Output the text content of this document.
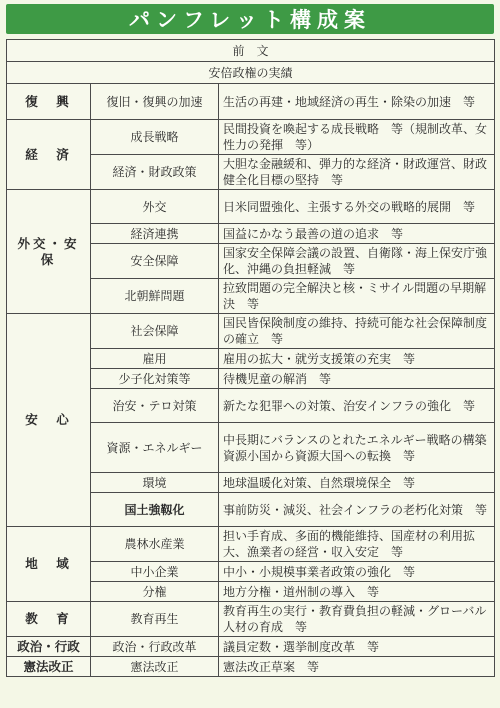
パンフレット構成案
前　文		
安倍政権の実績		
復　興	復旧・復興の加速	生活の再建・地域経済の再生・除染の加速　等
経　済	成長戦略	民間投資を喚起する成長戦略　等（規制改革、女性力の発揮　等）
	経済・財政政策	大胆な金融緩和、弾力的な経済・財政運営、財政健全化目標の堅持　等
外交・安保	外交	日米同盟強化、主張する外交の戦略的展開　等
	経済連携	国益にかなう最善の道の追求　等
	安全保障	国家安全保障会議の設置、自衛隊・海上保安庁強化、沖縄の負担軽減　等
	北朝鮮問題	拉致問題の完全解決と核・ミサイル問題の早期解決　等
安　心	社会保障	国民皆保険制度の維持、持続可能な社会保障制度の確立　等
	雇用	雇用の拡大・就労支援策の充実　等
	少子化対策等	待機児童の解消　等
	治安・テロ対策	新たな犯罪への対策、治安インフラの強化　等
	資源・エネルギー	中長期にバランスのとれたエネルギー戦略の構築　資源小国から資源大国への転換　等
	環境	地球温暖化対策、自然環境保全　等
	国土強靱化	事前防災・減災、社会インフラの老朽化対策　等
地　域	農林水産業	担い手育成、多面的機能維持、国産材の利用拡大、漁業者の経営・収入安定　等
	中小企業	中小・小規模事業者政策の強化　等
	分権	地方分権・道州制の導入　等
教　育	教育再生	教育再生の実行・教育費負担の軽減・グローバル人材の育成　等
政治・行政	政治・行政改革	議員定数・選挙制度改革　等
憲法改正	憲法改正	憲法改正草案　等
